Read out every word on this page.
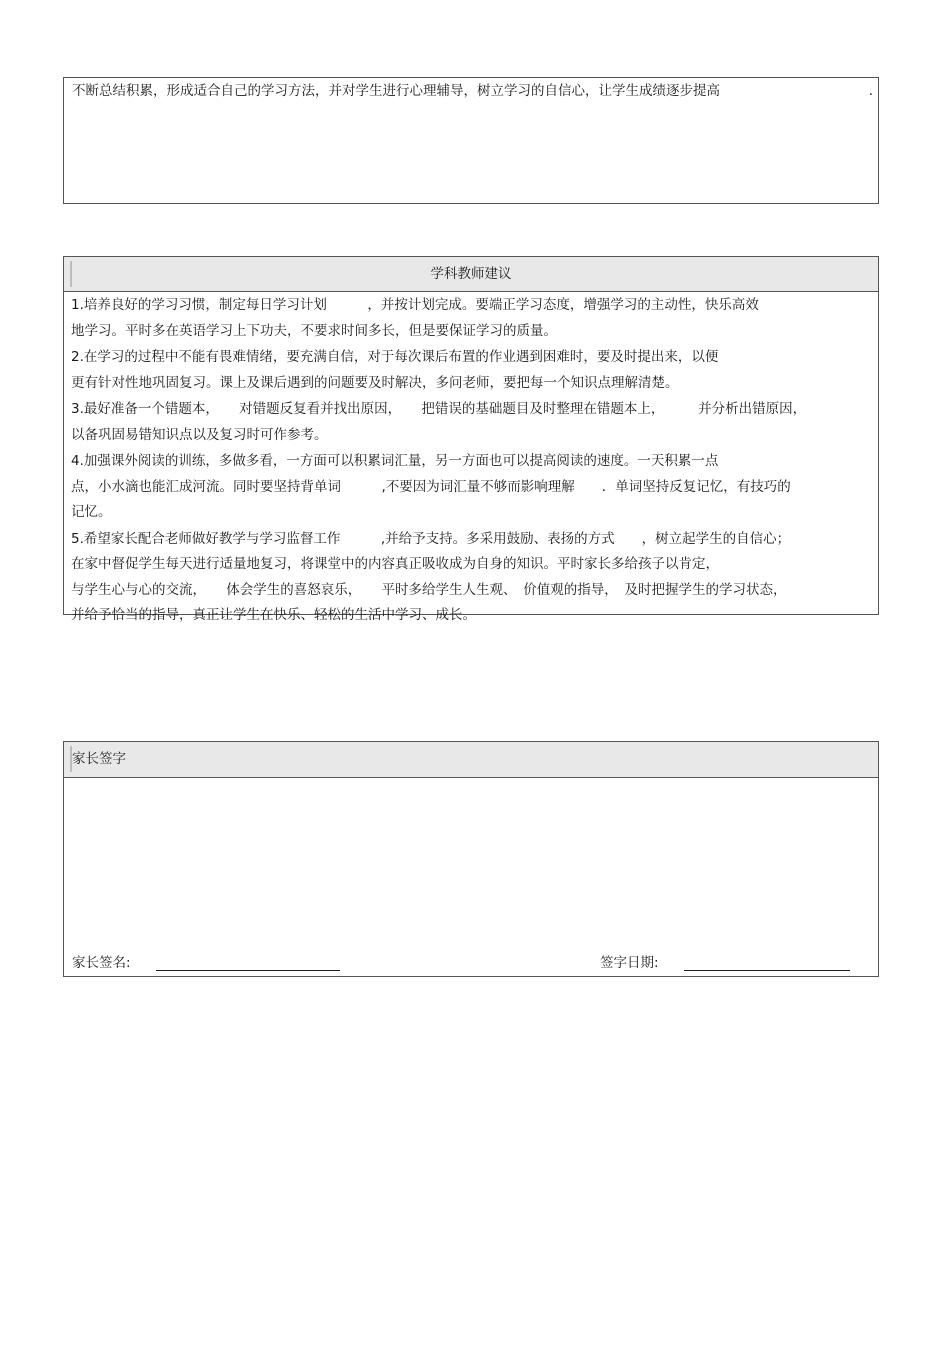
不断总结积累，形成适合自己的学习方法，并对学生进行心理辅导，树立学习的自信心，让学生成绩逐步提高	.
学科教师建议
1.培养良好的学习习惯，制定每日学习计划　　　，并按计划完成。要端正学习态度，增强学习的主动性，快乐高效
地学习。平时多在英语学习上下功夫，不要求时间多长，但是要保证学习的质量。
2.在学习的过程中不能有畏难情绪，要充满自信，对于每次课后布置的作业遇到困难时，要及时提出来，以便
更有针对性地巩固复习。课上及课后遇到的问题要及时解决，多问老师，要把每一个知识点理解清楚。
3.最好准备一个错题本，　　对错题反复看并找出原因，　　把错误的基础题目及时整理在错题本上，　　　并分析出错原因，
以备巩固易错知识点以及复习时可作参考。
4.加强课外阅读的训练，多做多看，一方面可以积累词汇量，另一方面也可以提高阅读的速度。一天积累一点
点，小水滴也能汇成河流。同时要坚持背单词　　　,不要因为词汇量不够而影响理解　　．单词坚持反复记忆，有技巧的
记忆。
5.希望家长配合老师做好教学与学习监督工作　　　,并给予支持。多采用鼓励、表扬的方式　　，树立起学生的自信心；
在家中督促学生每天进行适量地复习，将课堂中的内容真正吸收成为自身的知识。平时家长多给孩子以肯定，
与学生心与心的交流，　　体会学生的喜怒哀乐，　　平时多给学生人生观、　价值观的指导，　及时把握学生的学习状态，
并给予恰当的指导，真正让学生在快乐、轻松的生活中学习、成长。
家长签字
家长签名:	签字日期:
